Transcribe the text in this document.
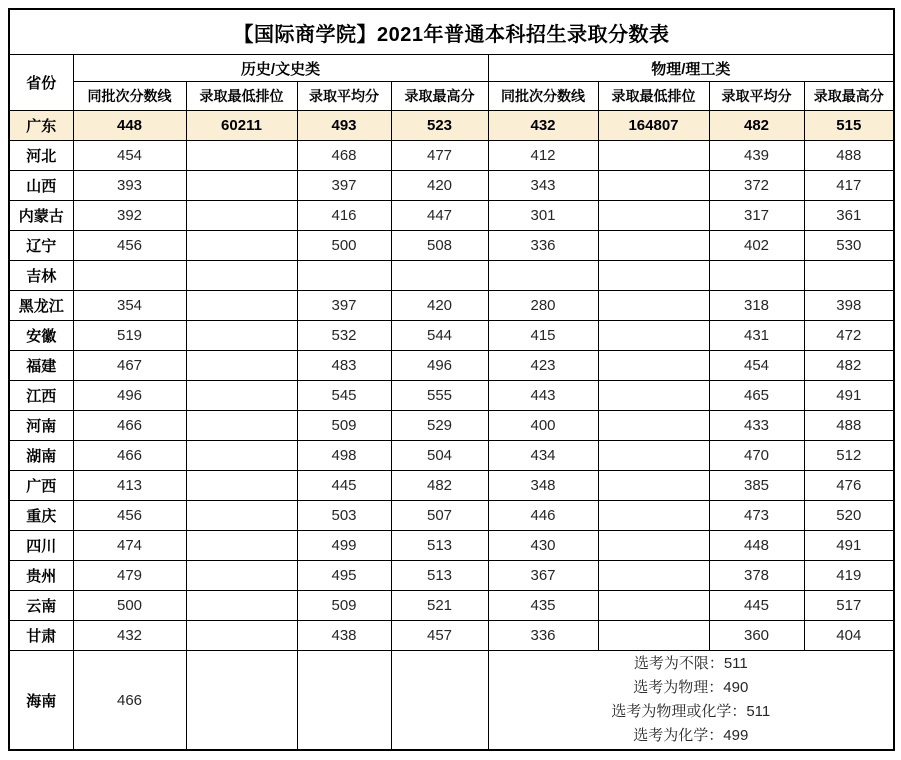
【国际商学院】2021年普通本科招生录取分数表								
省份	历史/文史类				物理/理工类			
	同批次分数线	录取最低排位	录取平均分	录取最高分	同批次分数线	录取最低排位	录取平均分	录取最高分
广东	448	60211	493	523	432	164807	482	515
河北	454		468	477	412		439	488
山西	393		397	420	343		372	417
内蒙古	392		416	447	301		317	361
辽宁	456		500	508	336		402	530
吉林								
黑龙江	354		397	420	280		318	398
安徽	519		532	544	415		431	472
福建	467		483	496	423		454	482
江西	496		545	555	443		465	491
河南	466		509	529	400		433	488
湖南	466		498	504	434		470	512
广西	413		445	482	348		385	476
重庆	456		503	507	446		473	520
四川	474		499	513	430		448	491
贵州	479		495	513	367		378	419
云南	500		509	521	435		445	517
甘肃	432		438	457	336		360	404
海南	466				选考为不限：511
选考为物理：490
选考为物理或化学：511
选考为化学：499			
